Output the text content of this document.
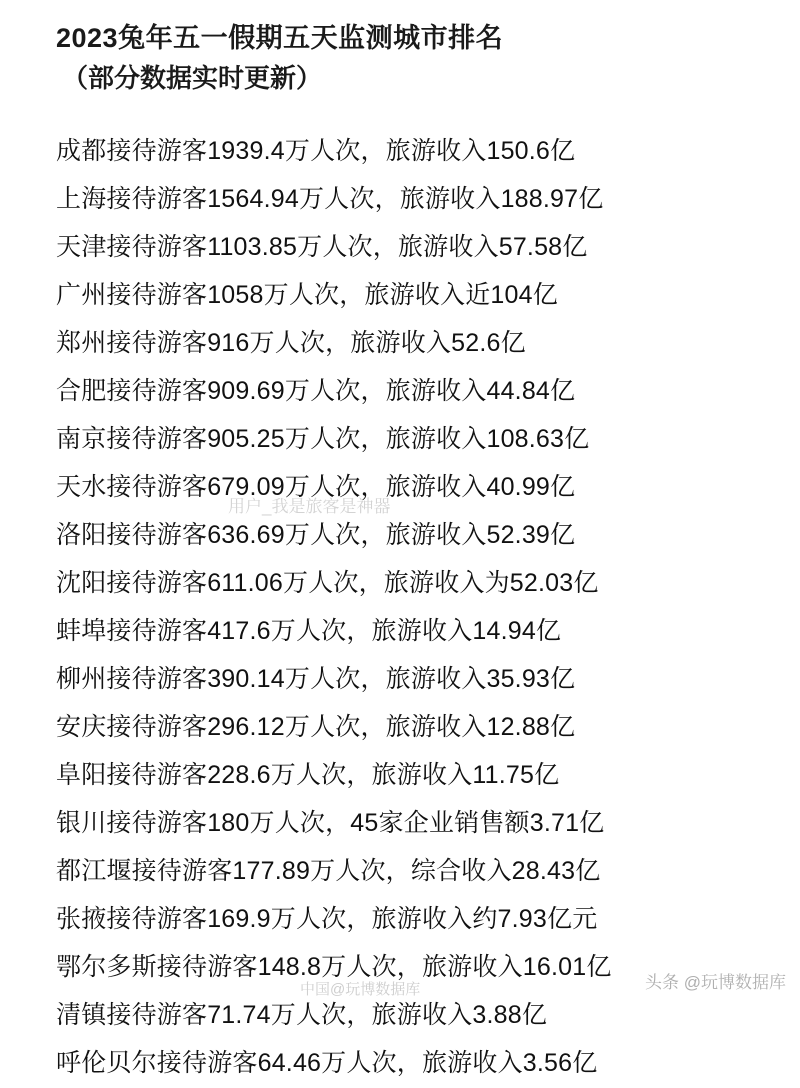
2023兔年五一假期五天监测城市排名
（部分数据实时更新）
成都接待游客1939.4万人次，旅游收入150.6亿
上海接待游客1564.94万人次，旅游收入188.97亿
天津接待游客1103.85万人次，旅游收入57.58亿
广州接待游客1058万人次，旅游收入近104亿
郑州接待游客916万人次，旅游收入52.6亿
合肥接待游客909.69万人次，旅游收入44.84亿
南京接待游客905.25万人次，旅游收入108.63亿
天水接待游客679.09万人次，旅游收入40.99亿
洛阳接待游客636.69万人次，旅游收入52.39亿
沈阳接待游客611.06万人次，旅游收入为52.03亿
蚌埠接待游客417.6万人次，旅游收入14.94亿
柳州接待游客390.14万人次，旅游收入35.93亿
安庆接待游客296.12万人次，旅游收入12.88亿
阜阳接待游客228.6万人次，旅游收入11.75亿
银川接待游客180万人次，45家企业销售额3.71亿
都江堰接待游客177.89万人次，综合收入28.43亿
张掖接待游客169.9万人次，旅游收入约7.93亿元
鄂尔多斯接待游客148.8万人次，旅游收入16.01亿
清镇接待游客71.74万人次，旅游收入3.88亿
呼伦贝尔接待游客64.46万人次，旅游收入3.56亿
用户_我是旅客是神器
头条 @玩博数据库
中国@玩博数据库
